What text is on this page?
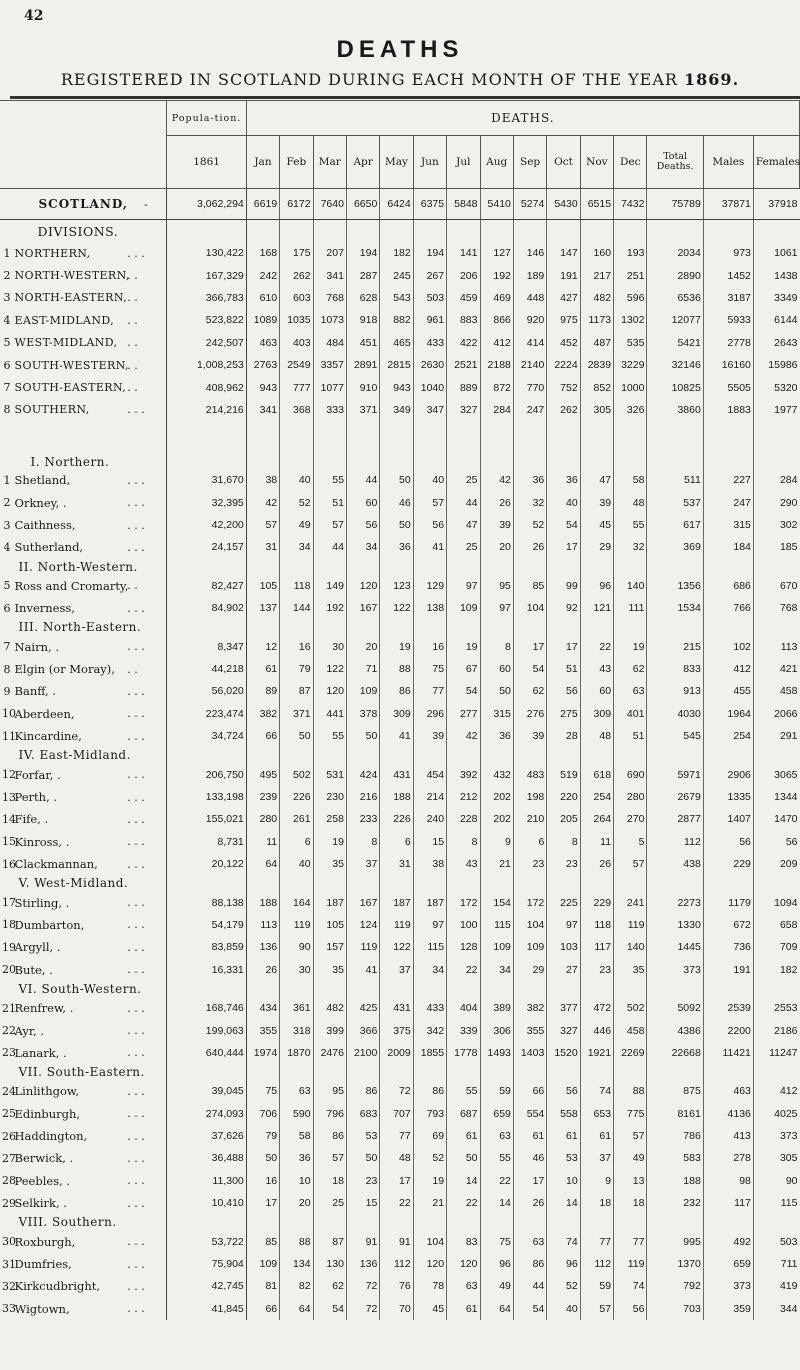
42
DEATHS
REGISTERED IN SCOTLAND DURING EACH MONTH OF THE YEAR 1869.
			Popula-tion.	DEATHS.														
			1861	Jan	Feb	Mar	Apr	May	Jun	Jul	Aug	Sep	Oct	Nov	Dec	Total Deaths.	Males	Females
	SCOTLAND,	-	3,062,294	6619	6172	7640	6650	6424	6375	5848	5410	5274	5430	6515	7432	75789	37871	37918
	DIVISIONS.																	
1	NORTHERN,	. . .	130,422	168	175	207	194	182	194	141	127	146	147	160	193	2034	973	1061
2	NORTH-WESTERN,	. .	167,329	242	262	341	287	245	267	206	192	189	191	217	251	2890	1452	1438
3	NORTH-EASTERN,	. .	366,783	610	603	768	628	543	503	459	469	448	427	482	596	6536	3187	3349
4	EAST-MIDLAND,	. .	523,822	1089	1035	1073	918	882	961	883	866	920	975	1173	1302	12077	5933	6144
5	WEST-MIDLAND,	. .	242,507	463	403	484	451	465	433	422	412	414	452	487	535	5421	2778	2643
6	SOUTH-WESTERN,	. .	1,008,253	2763	2549	3357	2891	2815	2630	2521	2188	2140	2224	2839	3229	32146	16160	15986
7	SOUTH-EASTERN,	. .	408,962	943	777	1077	910	943	1040	889	872	770	752	852	1000	10825	5505	5320
8	SOUTHERN,	. . .	214,216	341	368	333	371	349	347	327	284	247	262	305	326	3860	1883	1977

	I. Northern.																	
1	Shetland,	. . .	31,670	38	40	55	44	50	40	25	42	36	36	47	58	511	227	284
2	Orkney, .	. . .	32,395	42	52	51	60	46	57	44	26	32	40	39	48	537	247	290
3	Caithness,	. . .	42,200	57	49	57	56	50	56	47	39	52	54	45	55	617	315	302
4	Sutherland,	. . .	24,157	31	34	44	34	36	41	25	20	26	17	29	32	369	184	185
	II. North-Western.																	
5	Ross and Cromarty,	. .	82,427	105	118	149	120	123	129	97	95	85	99	96	140	1356	686	670
6	Inverness,	. . .	84,902	137	144	192	167	122	138	109	97	104	92	121	111	1534	766	768
	III. North-Eastern.																	
7	Nairn, .	. . .	8,347	12	16	30	20	19	16	19	8	17	17	22	19	215	102	113
8	Elgin (or Moray),	. .	44,218	61	79	122	71	88	75	67	60	54	51	43	62	833	412	421
9	Banff, .	. . .	56,020	89	87	120	109	86	77	54	50	62	56	60	63	913	455	458
10	Aberdeen,	. . .	223,474	382	371	441	378	309	296	277	315	276	275	309	401	4030	1964	2066
11	Kincardine,	. . .	34,724	66	50	55	50	41	39	42	36	39	28	48	51	545	254	291
	IV. East-Midland.																	
12	Forfar, .	. . .	206,750	495	502	531	424	431	454	392	432	483	519	618	690	5971	2906	3065
13	Perth, .	. . .	133,198	239	226	230	216	188	214	212	202	198	220	254	280	2679	1335	1344
14	Fife, .	. . .	155,021	280	261	258	233	226	240	228	202	210	205	264	270	2877	1407	1470
15	Kinross, .	. . .	8,731	11	6	19	8	6	15	8	9	6	8	11	5	112	56	56
16	Clackmannan,	. . .	20,122	64	40	35	37	31	38	43	21	23	23	26	57	438	229	209
	V. West-Midland.																	
17	Stirling, .	. . .	88,138	188	164	187	167	187	187	172	154	172	225	229	241	2273	1179	1094
18	Dumbarton,	. . .	54,179	113	119	105	124	119	97	100	115	104	97	118	119	1330	672	658
19	Argyll, .	. . .	83,859	136	90	157	119	122	115	128	109	109	103	117	140	1445	736	709
20	Bute, .	. . .	16,331	26	30	35	41	37	34	22	34	29	27	23	35	373	191	182
	VI. South-Western.																	
21	Renfrew, .	. . .	168,746	434	361	482	425	431	433	404	389	382	377	472	502	5092	2539	2553
22	Ayr, .	. . .	199,063	355	318	399	366	375	342	339	306	355	327	446	458	4386	2200	2186
23	Lanark, .	. . .	640,444	1974	1870	2476	2100	2009	1855	1778	1493	1403	1520	1921	2269	22668	11421	11247
	VII. South-Eastern.																	
24	Linlithgow,	. . .	39,045	75	63	95	86	72	86	55	59	66	56	74	88	875	463	412
25	Edinburgh,	. . .	274,093	706	590	796	683	707	793	687	659	554	558	653	775	8161	4136	4025
26	Haddington,	. . .	37,626	79	58	86	53	77	69	61	63	61	61	61	57	786	413	373
27	Berwick, .	. . .	36,488	50	36	57	50	48	52	50	55	46	53	37	49	583	278	305
28	Peebles, .	. . .	11,300	16	10	18	23	17	19	14	22	17	10	9	13	188	98	90
29	Selkirk, .	. . .	10,410	17	20	25	15	22	21	22	14	26	14	18	18	232	117	115
	VIII. Southern.																	
30	Roxburgh,	. . .	53,722	85	88	87	91	91	104	83	75	63	74	77	77	995	492	503
31	Dumfries,	. . .	75,904	109	134	130	136	112	120	120	96	86	96	112	119	1370	659	711
32	Kirkcudbright,	. . .	42,745	81	82	62	72	76	78	63	49	44	52	59	74	792	373	419
33	Wigtown,	. . .	41,845	66	64	54	72	70	45	61	64	54	40	57	56	703	359	344
